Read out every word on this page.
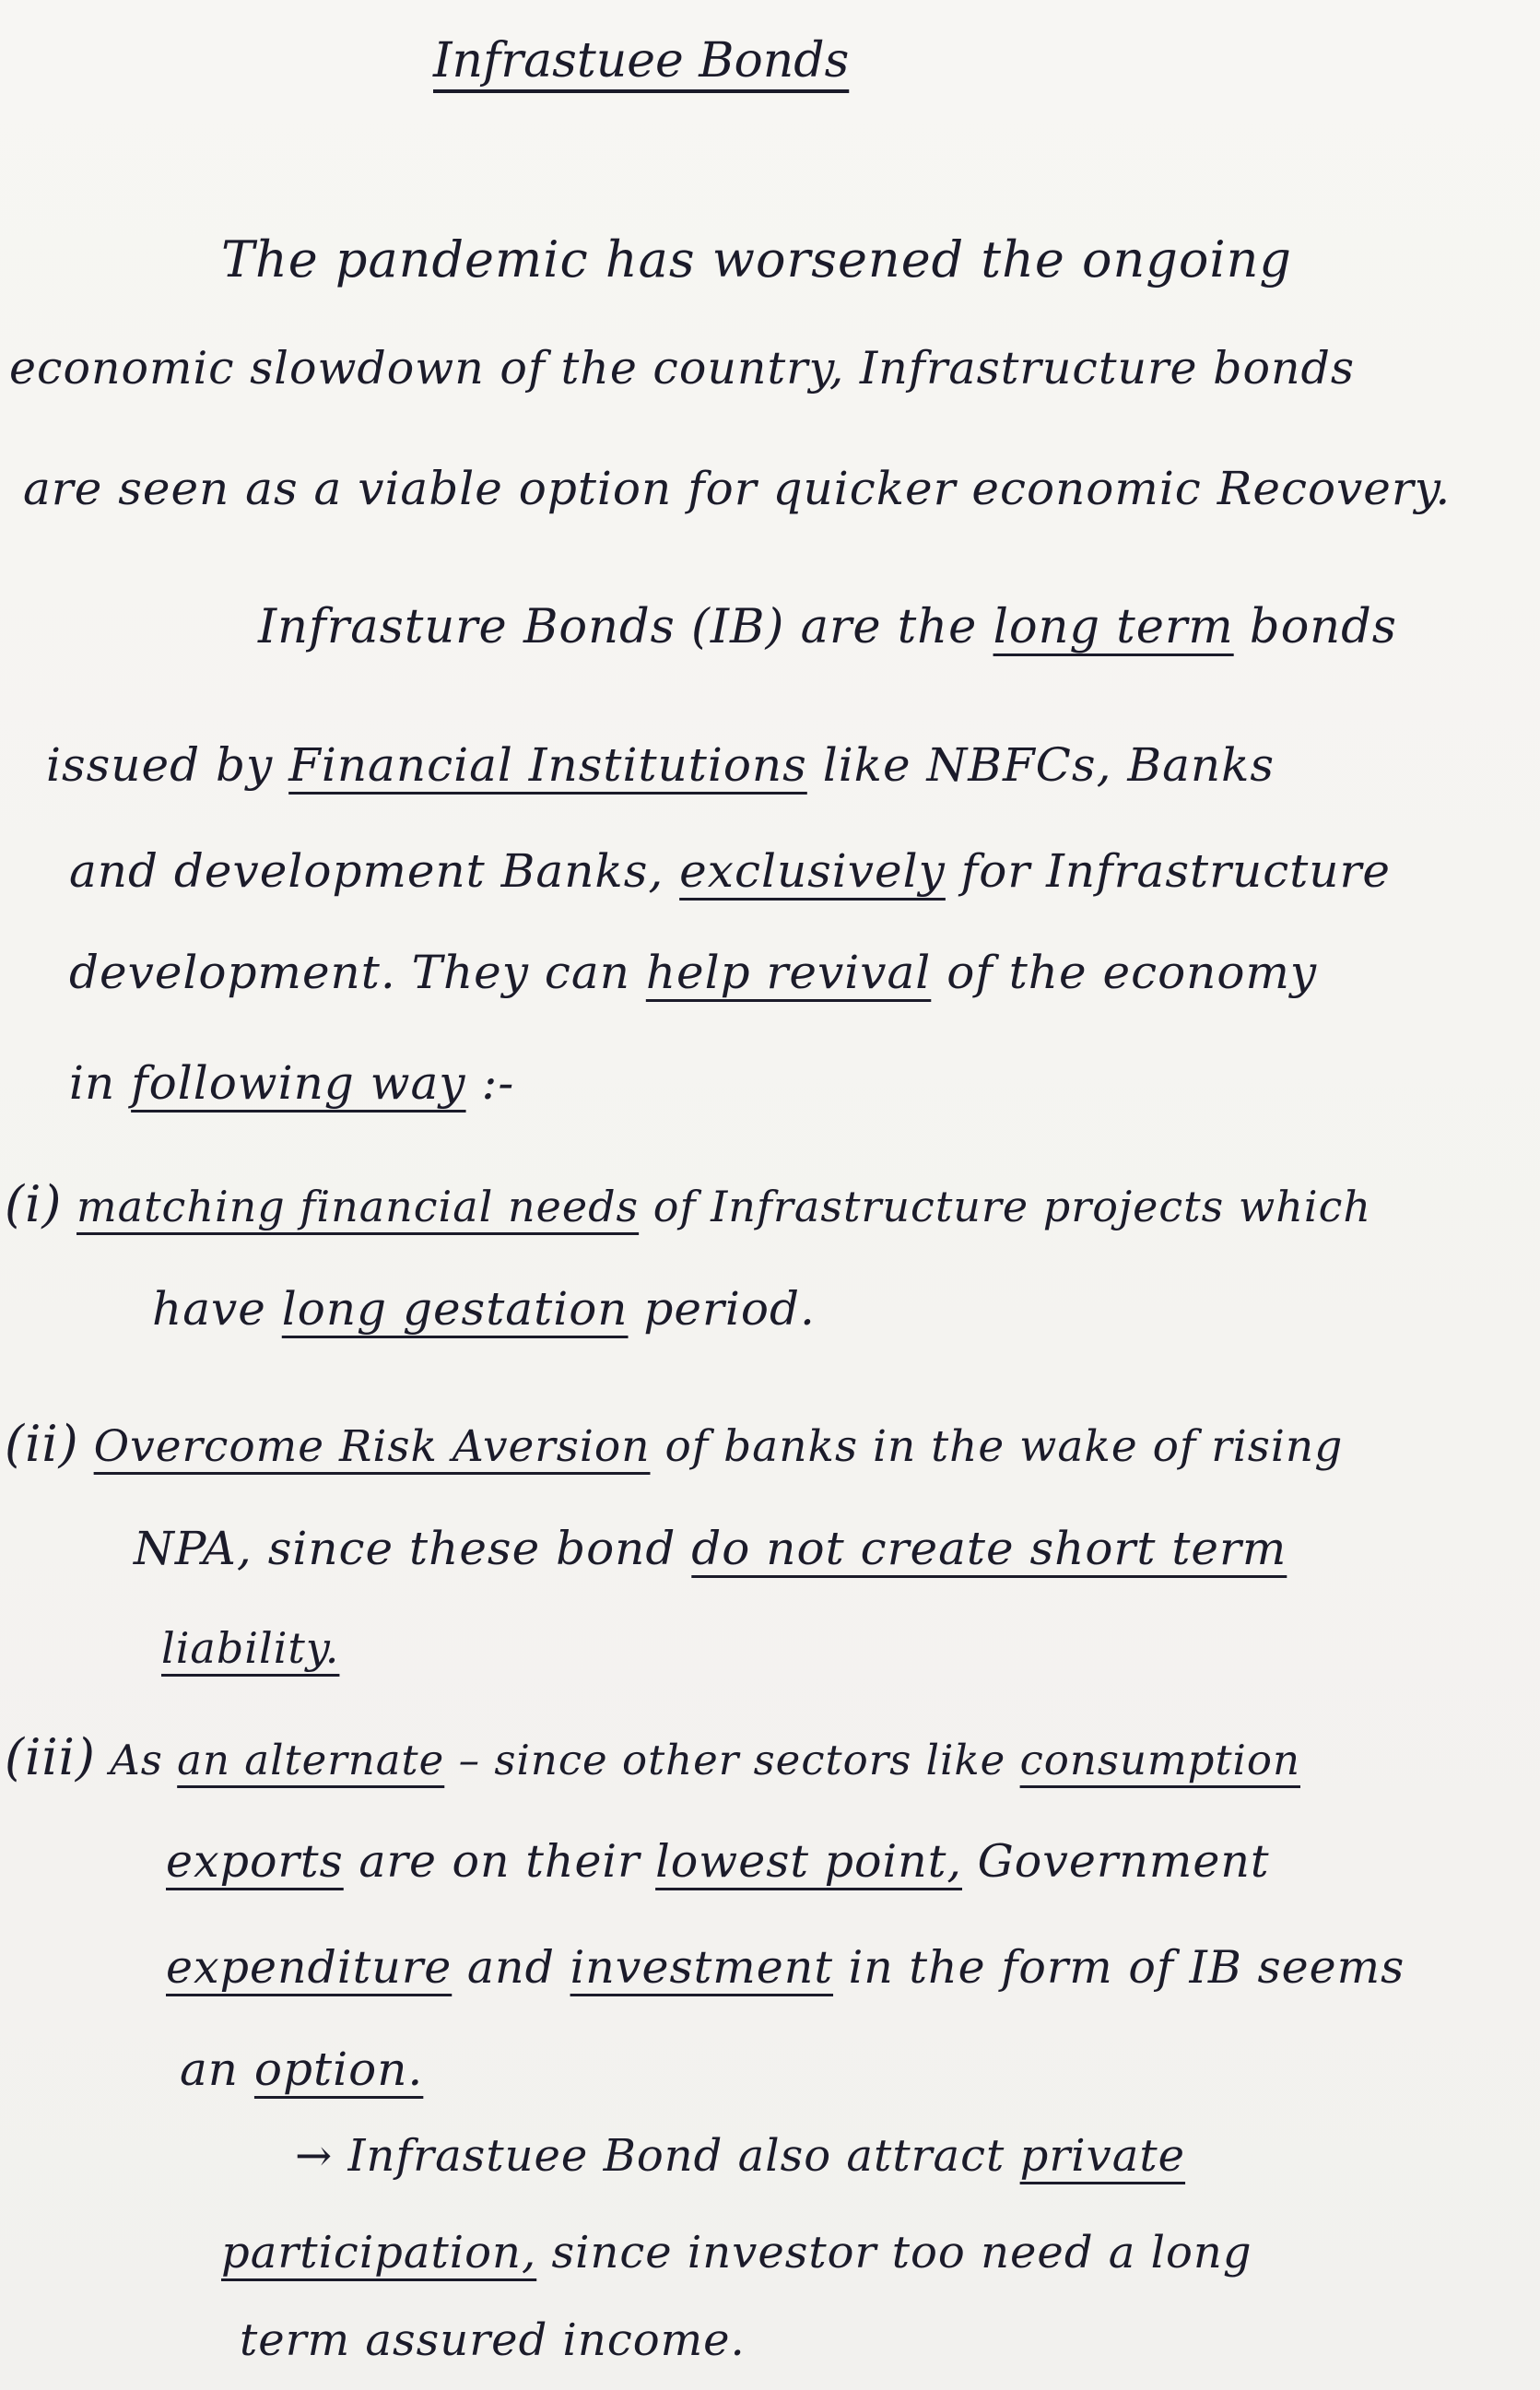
Infrastuee Bonds
The pandemic has worsened the ongoing
economic slowdown of the country, Infrastructure bonds
are seen as a viable option for quicker economic Recovery.
Infrasture Bonds (IB) are the long term bonds
issued by Financial Institutions like NBFCs, Banks
and development Banks, exclusively for Infrastructure
development. They can help revival of the economy
in following way :-
(i) matching financial needs of Infrastructure projects which
have long gestation period.
(ii) Overcome Risk Aversion of banks in the wake of rising
NPA, since these bond do not create short term
liability.
(iii) As an alternate – since other sectors like consumption
exports are on their lowest point, Government
expenditure and investment in the form of IB seems
an option.
→ Infrastuee Bond also attract private
participation, since investor too need a long
term assured income.
